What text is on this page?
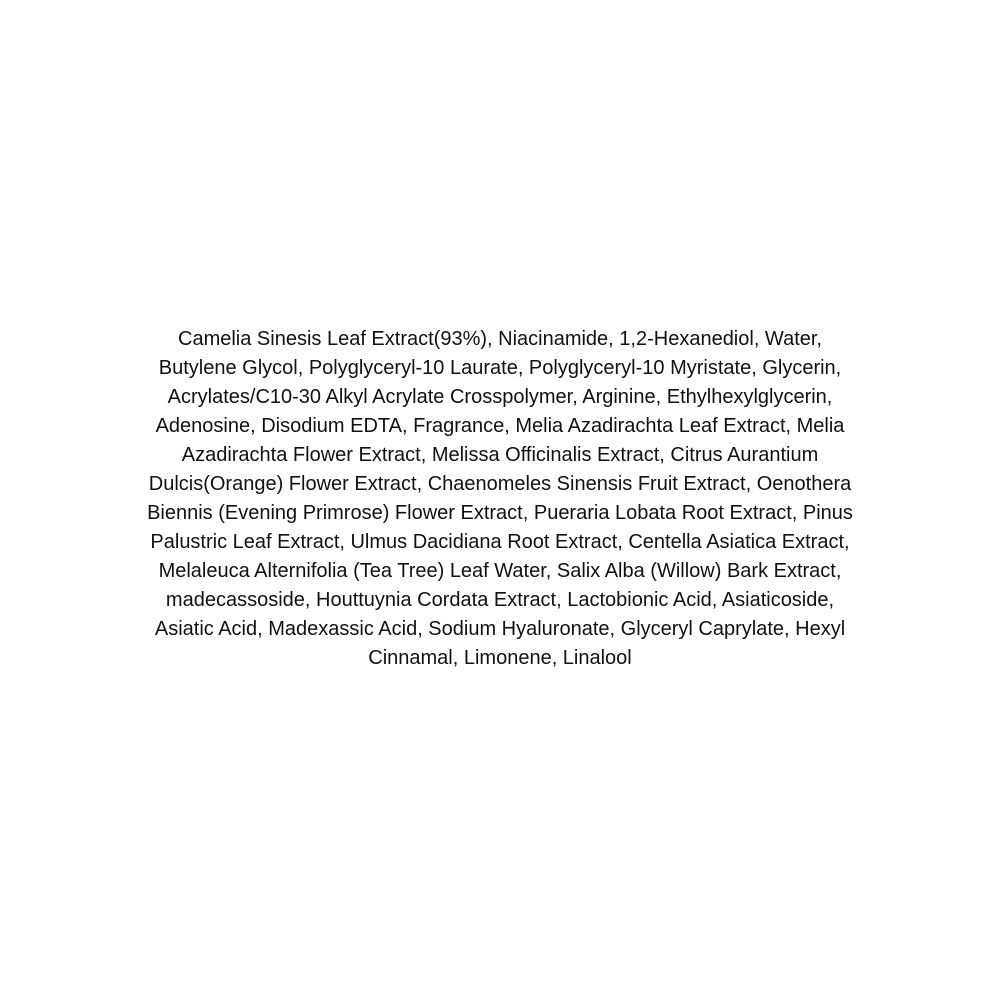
Camelia Sinesis Leaf Extract(93%), Niacinamide, 1,2-Hexanediol, Water,
Butylene Glycol, Polyglyceryl-10 Laurate, Polyglyceryl-10 Myristate, Glycerin,
Acrylates/C10-30 Alkyl Acrylate Crosspolymer, Arginine, Ethylhexylglycerin,
Adenosine, Disodium EDTA, Fragrance, Melia Azadirachta Leaf Extract, Melia
Azadirachta Flower Extract, Melissa Officinalis Extract, Citrus Aurantium
Dulcis(Orange) Flower Extract, Chaenomeles Sinensis Fruit Extract, Oenothera
Biennis (Evening Primrose) Flower Extract, Pueraria Lobata Root Extract, Pinus
Palustric Leaf Extract, Ulmus Dacidiana Root Extract, Centella Asiatica Extract,
Melaleuca Alternifolia (Tea Tree) Leaf Water, Salix Alba (Willow) Bark Extract,
madecassoside, Houttuynia Cordata Extract, Lactobionic Acid, Asiaticoside,
Asiatic Acid, Madexassic Acid, Sodium Hyaluronate, Glyceryl Caprylate, Hexyl
Cinnamal, Limonene, Linalool
